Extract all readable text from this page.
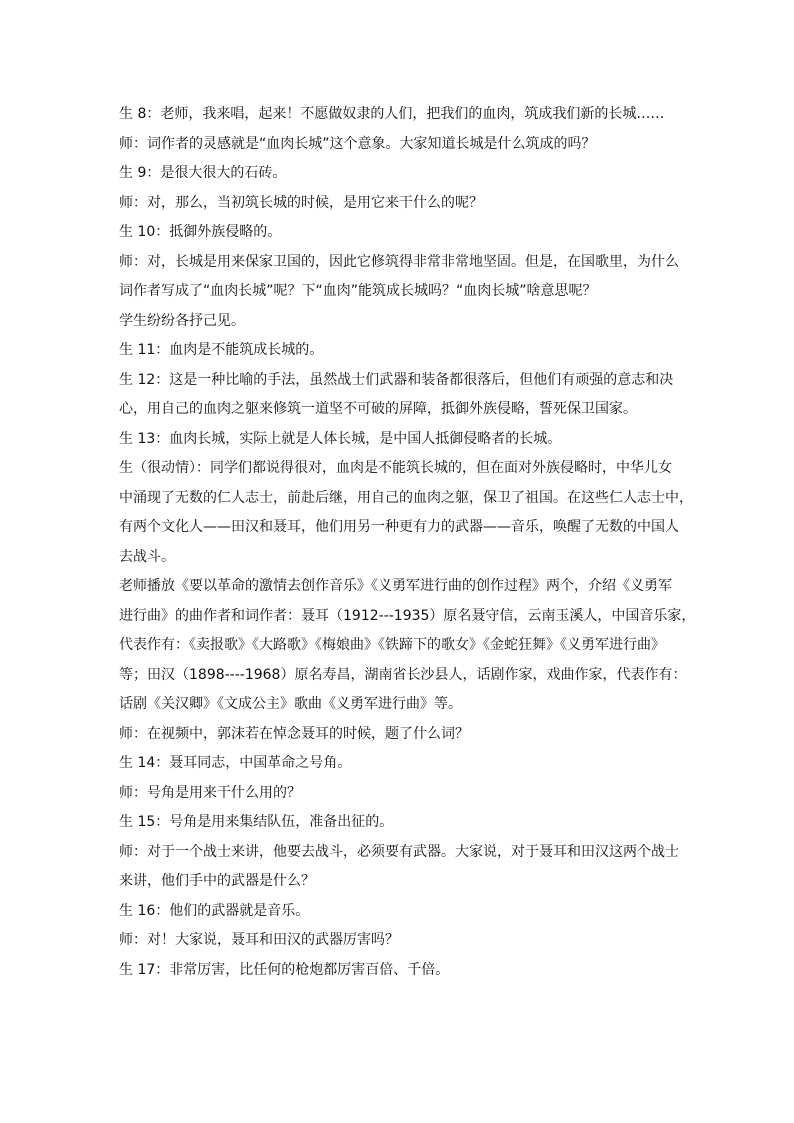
生 8：老师，我来唱，起来！不愿做奴隶的人们，把我们的血肉，筑成我们新的长城……

师：词作者的灵感就是“血肉长城”这个意象。大家知道长城是什么筑成的吗？

生 9：是很大很大的石砖。

师：对，那么，当初筑长城的时候，是用它来干什么的呢？

生 10：抵御外族侵略的。

师：对，长城是用来保家卫国的，因此它修筑得非常非常地坚固。但是，在国歌里，为什么
词作者写成了“血肉长城”呢？下“血肉”能筑成长城吗？“血肉长城”啥意思呢？

学生纷纷各抒己见。

生 11：血肉是不能筑成长城的。

生 12：这是一种比喻的手法，虽然战士们武器和装备都很落后，但他们有顽强的意志和决
心，用自己的血肉之躯来修筑一道坚不可破的屏障，抵御外族侵略，誓死保卫国家。

生 13：血肉长城，实际上就是人体长城，是中国人抵御侵略者的长城。

生（很动情）：同学们都说得很对，血肉是不能筑长城的，但在面对外族侵略时，中华儿女
中涌现了无数的仁人志士，前赴后继，用自己的血肉之躯，保卫了祖国。在这些仁人志士中，
有两个文化人——田汉和聂耳，他们用另一种更有力的武器——音乐，唤醒了无数的中国人
去战斗。

老师播放《要以革命的激情去创作音乐》《义勇军进行曲的创作过程》两个，介绍《义勇军
进行曲》的曲作者和词作者：聂耳（1912---1935）原名聂守信，云南玉溪人，中国音乐家，
代表作有：《卖报歌》《大路歌》《梅娘曲》《铁蹄下的歌女》《金蛇狂舞》《义勇军进行曲》
等；田汉（1898----1968）原名寿昌，湖南省长沙县人，话剧作家，戏曲作家，代表作有：
话剧《关汉卿》《文成公主》歌曲《义勇军进行曲》等。

师：在视频中，郭沫若在悼念聂耳的时候，题了什么词？

生 14：聂耳同志，中国革命之号角。

师：号角是用来干什么用的？

生 15：号角是用来集结队伍，准备出征的。

师：对于一个战士来讲，他要去战斗，必须要有武器。大家说，对于聂耳和田汉这两个战士
来讲，他们手中的武器是什么？

生 16：他们的武器就是音乐。

师：对！大家说，聂耳和田汉的武器厉害吗？

生 17：非常厉害，比任何的枪炮都厉害百倍、千倍。
